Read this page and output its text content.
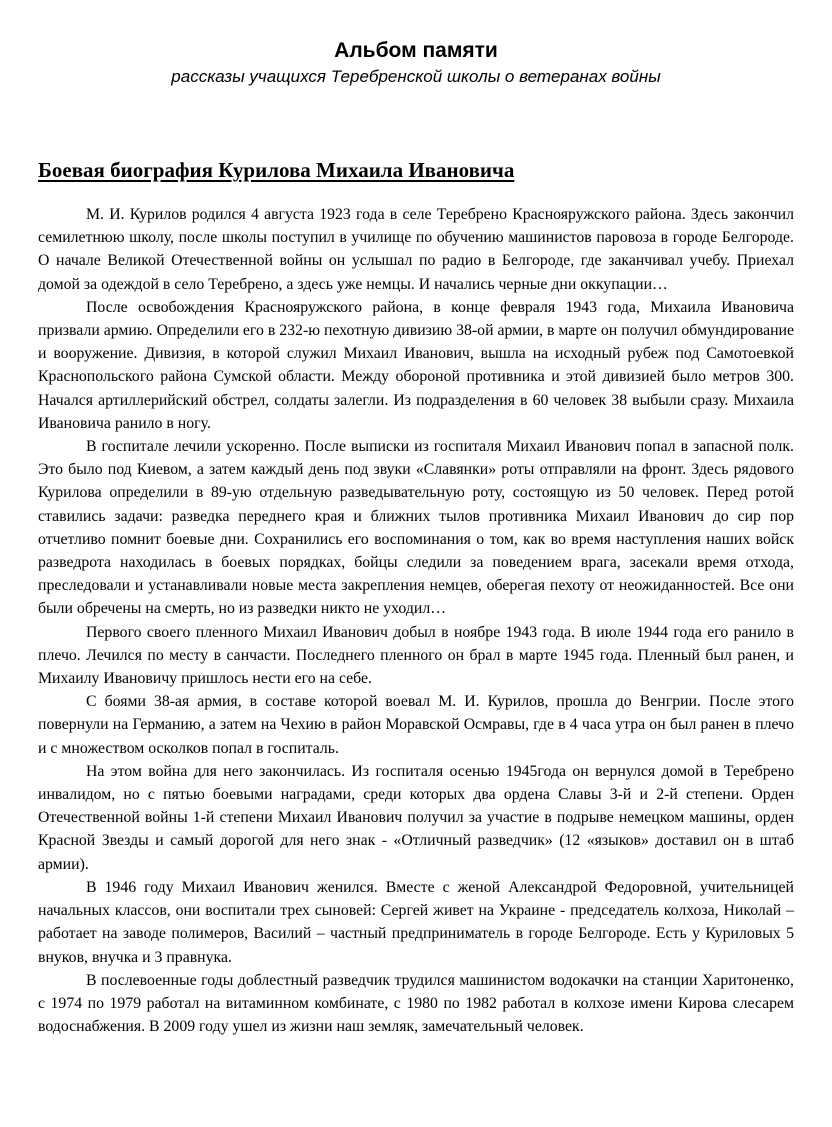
Альбом памяти
рассказы учащихся Теребренской школы о ветеранах войны
Боевая биография Курилова Михаила Ивановича

М. И. Курилов родился 4 августа 1923 года в селе Теребрено Краснояружского района. Здесь закончил семилетнюю школу, после школы поступил в училище по обучению машинистов паровоза в городе Белгороде. О начале Великой Отечественной войны он услышал по радио в Белгороде, где заканчивал учебу. Приехал домой за одеждой в село Теребрено, а здесь уже немцы. И начались черные дни оккупации…

После освобождения Краснояружского района, в конце февраля 1943 года, Михаила Ивановича призвали армию. Определили его в 232-ю пехотную дивизию 38-ой армии, в марте он получил обмундирование и вооружение. Дивизия, в которой служил Михаил Иванович, вышла на исходный рубеж под Самотоевкой Краснопольского района Сумской области. Между обороной противника и этой дивизией было метров 300. Начался артиллерийский обстрел, солдаты залегли. Из подразделения в 60 человек 38 выбыли сразу. Михаила Ивановича ранило в ногу.

В госпитале лечили ускоренно. После выписки из госпиталя Михаил Иванович попал в запасной полк. Это было под Киевом, а затем каждый день под звуки «Славянки» роты отправляли на фронт. Здесь рядового Курилова определили в 89-ую отдельную разведывательную роту, состоящую из 50 человек. Перед ротой ставились задачи: разведка переднего края и ближних тылов противника Михаил Иванович до сир пор отчетливо помнит боевые дни. Сохранились его воспоминания о том, как во время наступления наших войск разведрота находилась в боевых порядках, бойцы следили за поведением врага, засекали время отхода, преследовали и устанавливали новые места закрепления немцев, оберегая пехоту от неожиданностей. Все они были обречены на смерть, но из разведки никто не уходил…

Первого своего пленного Михаил Иванович добыл в ноябре 1943 года. В июле 1944 года его ранило в плечо. Лечился по месту в санчасти. Последнего пленного он брал в марте 1945 года. Пленный был ранен, и Михаилу Ивановичу пришлось нести его на себе.

С боями 38-ая армия, в составе которой воевал М. И. Курилов, прошла до Венгрии. После этого повернули на Германию, а затем на Чехию в район Моравской Осмравы, где в 4 часа утра он был ранен в плечо и с множеством осколков попал в госпиталь.

На этом война для него закончилась. Из госпиталя осенью 1945года он вернулся домой в Теребрено инвалидом, но с пятью боевыми наградами, среди которых два ордена Славы 3-й и 2-й степени. Орден Отечественной войны 1-й степени Михаил Иванович получил за участие в подрыве немецком машины, орден Красной Звезды и самый дорогой для него знак - «Отличный разведчик» (12 «языков» доставил он в штаб армии).

В 1946 году Михаил Иванович женился. Вместе с женой Александрой Федоровной, учительницей начальных классов, они воспитали трех сыновей: Сергей живет на Украине - председатель колхоза, Николай – работает на заводе полимеров, Василий – частный предприниматель в городе Белгороде. Есть у Куриловых 5 внуков, внучка и 3 правнука.

В послевоенные годы доблестный разведчик трудился машинистом водокачки на станции Харитоненко, с 1974 по 1979 работал на витаминном комбинате, с 1980 по 1982 работал в колхозе имени Кирова слесарем водоснабжения. В 2009 году ушел из жизни наш земляк, замечательный человек.
